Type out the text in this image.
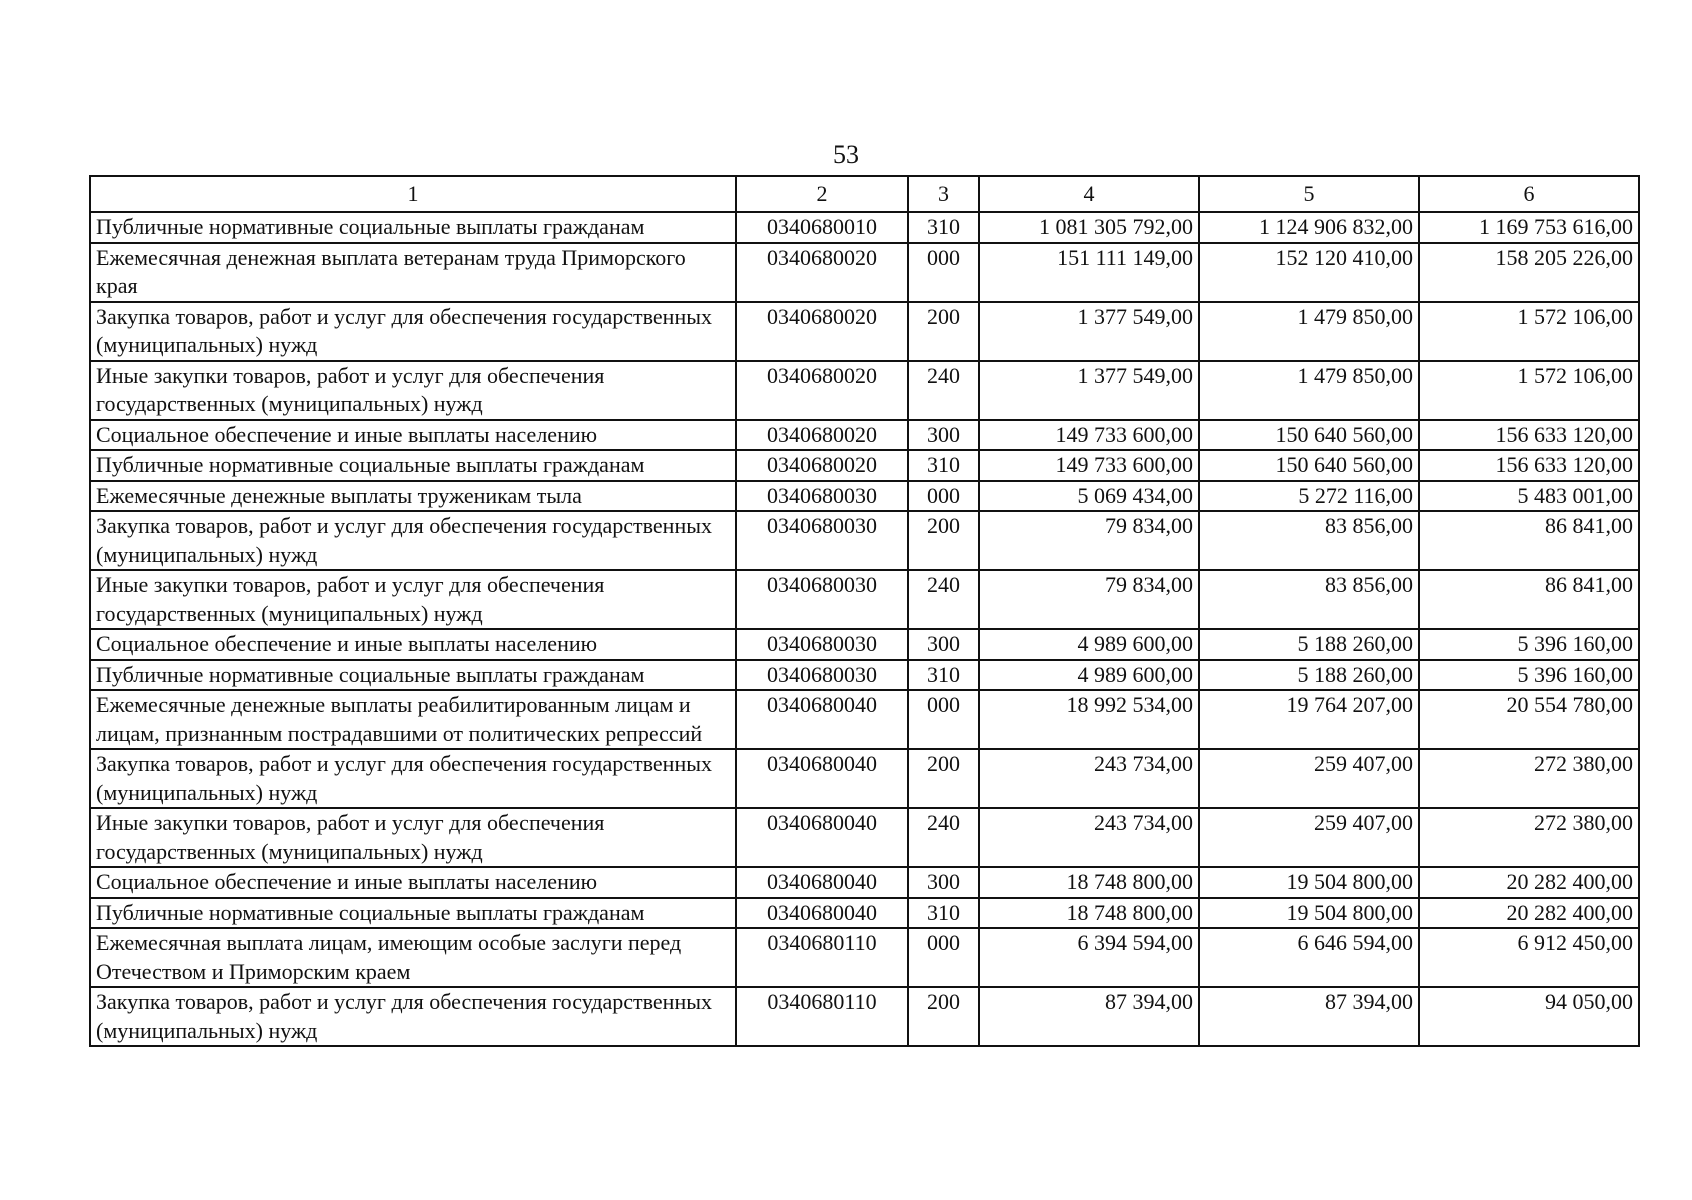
53
1	2	3	4	5	6
Публичные нормативные социальные выплаты гражданам	0340680010	310	1 081 305 792,00	1 124 906 832,00	1 169 753 616,00
Ежемесячная денежная выплата ветеранам труда Приморского края	0340680020	000	151 111 149,00	152 120 410,00	158 205 226,00
Закупка товаров, работ и услуг для обеспечения государственных (муниципальных) нужд	0340680020	200	1 377 549,00	1 479 850,00	1 572 106,00
Иные закупки товаров, работ и услуг для обеспечения государственных (муниципальных) нужд	0340680020	240	1 377 549,00	1 479 850,00	1 572 106,00
Социальное обеспечение и иные выплаты населению	0340680020	300	149 733 600,00	150 640 560,00	156 633 120,00
Публичные нормативные социальные выплаты гражданам	0340680020	310	149 733 600,00	150 640 560,00	156 633 120,00
Ежемесячные денежные выплаты труженикам тыла	0340680030	000	5 069 434,00	5 272 116,00	5 483 001,00
Закупка товаров, работ и услуг для обеспечения государственных (муниципальных) нужд	0340680030	200	79 834,00	83 856,00	86 841,00
Иные закупки товаров, работ и услуг для обеспечения государственных (муниципальных) нужд	0340680030	240	79 834,00	83 856,00	86 841,00
Социальное обеспечение и иные выплаты населению	0340680030	300	4 989 600,00	5 188 260,00	5 396 160,00
Публичные нормативные социальные выплаты гражданам	0340680030	310	4 989 600,00	5 188 260,00	5 396 160,00
Ежемесячные денежные выплаты реабилитированным лицам и лицам, признанным пострадавшими от политических репрессий	0340680040	000	18 992 534,00	19 764 207,00	20 554 780,00
Закупка товаров, работ и услуг для обеспечения государственных (муниципальных) нужд	0340680040	200	243 734,00	259 407,00	272 380,00
Иные закупки товаров, работ и услуг для обеспечения государственных (муниципальных) нужд	0340680040	240	243 734,00	259 407,00	272 380,00
Социальное обеспечение и иные выплаты населению	0340680040	300	18 748 800,00	19 504 800,00	20 282 400,00
Публичные нормативные социальные выплаты гражданам	0340680040	310	18 748 800,00	19 504 800,00	20 282 400,00
Ежемесячная выплата лицам, имеющим особые заслуги перед Отечеством и Приморским краем	0340680110	000	6 394 594,00	6 646 594,00	6 912 450,00
Закупка товаров, работ и услуг для обеспечения государственных (муниципальных) нужд	0340680110	200	87 394,00	87 394,00	94 050,00
